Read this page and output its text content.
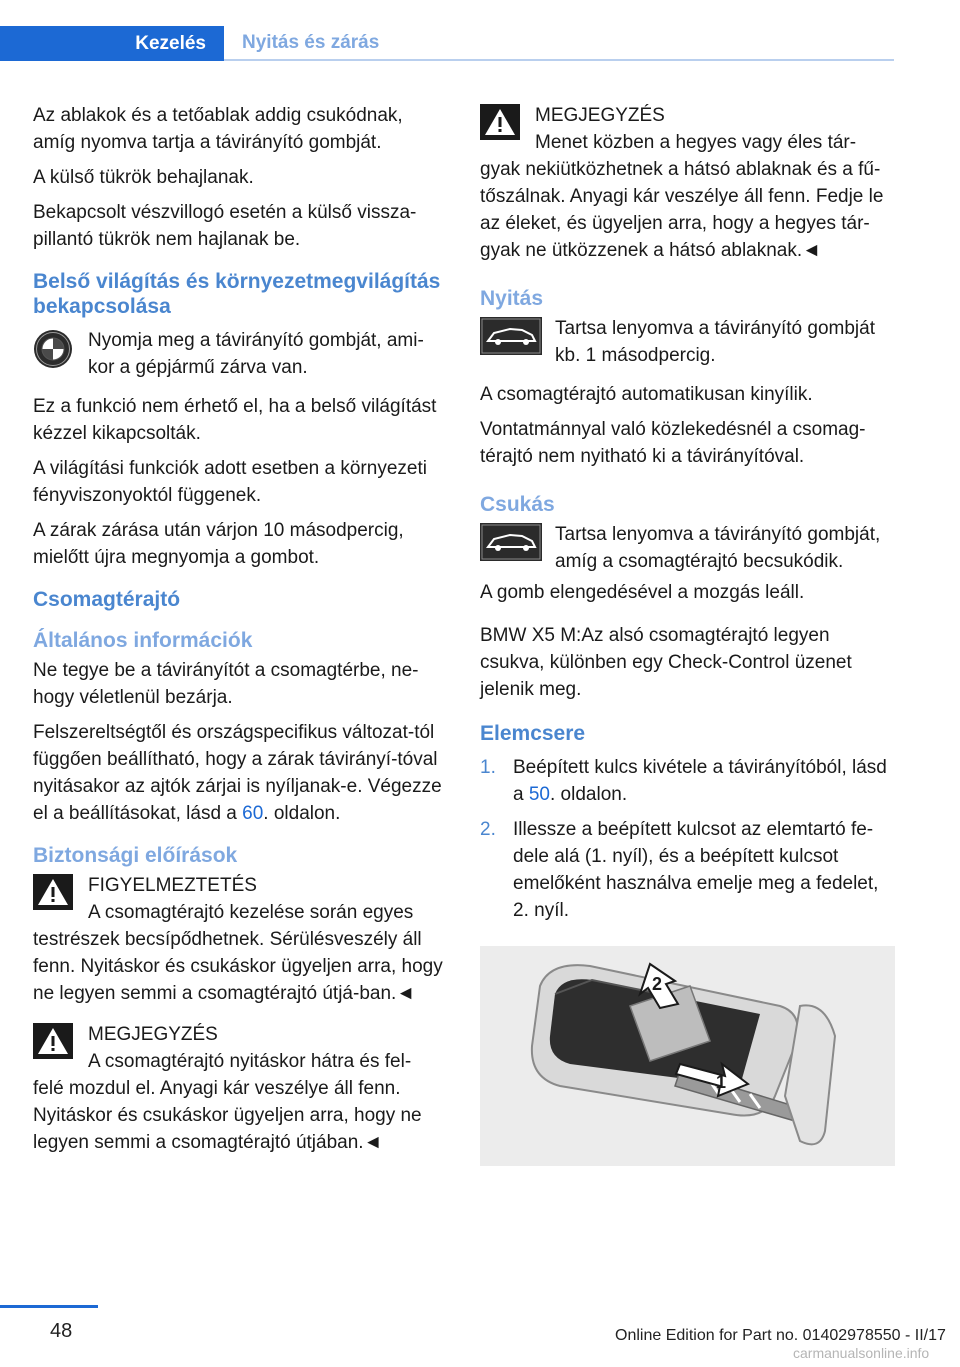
Kezelés	Nyitás és zárás

Az ablakok és a tetőablak addig csukódnak, amíg nyomva tartja a távirányító gombját.

A külső tükrök behajlanak.

Bekapcsolt vészvillogó esetén a külső vissza-pillantó tükrök nem hajlanak be.

Belső világítás és környezetmegvilágítás bekapcsolása
Nyomja meg a távirányító gombját, ami-kor a gépjármű zárva van.

Ez a funkció nem érhető el, ha a belső világítást kézzel kikapcsolták.

A világítási funkciók adott esetben a környezeti fényviszonyoktól függenek.

A zárak zárása után várjon 10 másodpercig, mielőtt újra megnyomja a gombot.

Csomagtérajtó
Általános információk

Ne tegye be a távirányítót a csomagtérbe, ne-hogy véletlenül bezárja.

Felszereltségtől és országspecifikus változat-tól függően beállítható, hogy a zárak távirányí-tóval nyitásakor az ajtók zárjai is nyíljanak-e. Végezze el a beállításokat, lásd a 60. oldalon.

Biztonsági előírások
FIGYELMEZTETÉS
A csomagtérajtó kezelése során egyes

testrészek becsípődhetnek. Sérülésveszély áll fenn. Nyitáskor és csukáskor ügyeljen arra, hogy ne legyen semmi a csomagtérajtó útjá-ban.◄

MEGJEGYZÉS
A csomagtérajtó nyitáskor hátra és fel-

felé mozdul el. Anyagi kár veszélye áll fenn. Nyitáskor és csukáskor ügyeljen arra, hogy ne legyen semmi a csomagtérajtó útjában.◄

MEGJEGYZÉS
Menet közben a hegyes vagy éles tár-

gyak nekiütközhetnek a hátsó ablaknak és a fű-tőszálnak. Anyagi kár veszélye áll fenn. Fedje le az éleket, és ügyeljen arra, hogy a hegyes tár-gyak ne ütközzenek a hátsó ablaknak.◄

Nyitás
Tartsa lenyomva a távirányító gombját kb. 1 másodpercig.

A csomagtérajtó automatikusan kinyílik.

Vontatmánnyal való közlekedésnél a csomag-térajtó nem nyitható ki a távirányítóval.

Csukás
Tartsa lenyomva a távirányító gombját, amíg a csomagtérajtó becsukódik.

A gomb elengedésével a mozgás leáll.

BMW X5 M:Az alsó csomagtérajtó legyen csukva, különben egy Check-Control üzenet jelenik meg.

Elemcsere
1. Beépített kulcs kivétele a távirányítóból, lásd a 50. oldalon.
2. Illessze a beépített kulcsot az elemtartó fe-dele alá (1. nyíl), és a beépített kulcsot emelőként használva emelje meg a fedelet, 2. nyíl.
1
2
48	Online Edition for Part no. 01402978550 - II/17
carmanualsonline.info
